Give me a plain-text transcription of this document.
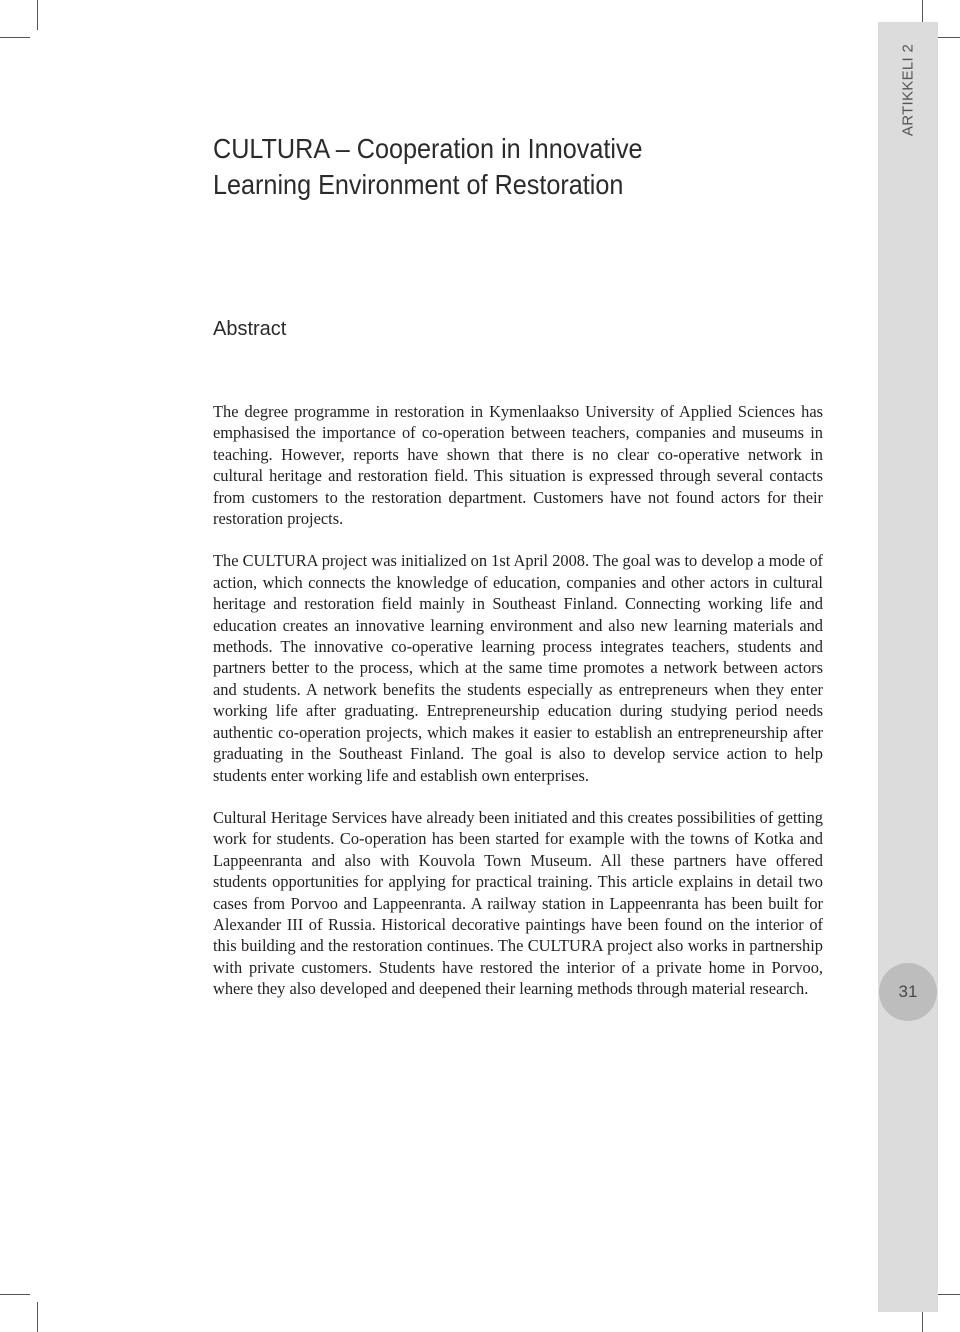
ARTIKKELI 2
31
CULTURA – Cooperation in Innovative
Learning Environment of Restoration
Abstract

The degree programme in restoration in Kymenlaakso University of Applied Sciences has emphasised the importance of co-operation between teachers, companies and museums in teaching. However, reports have shown that there is no clear co-operative network in cultural heritage and restoration field. This situation is expressed through several contacts from customers to the restoration department. Customers have not found actors for their restoration projects.

The CULTURA project was initialized on 1st April 2008. The goal was to develop a mode of action, which connects the knowledge of education, companies and other actors in cultural heritage and restoration field mainly in Southeast Finland. Connecting working life and education creates an innovative learning environment and also new learning materials and methods. The innovative co-operative learning process integrates teachers, students and partners better to the process, which at the same time promotes a network between actors and students. A network benefits the students especially as entrepreneurs when they enter working life after graduating. Entrepreneurship education during studying period needs authentic co-operation projects, which makes it easier to establish an entrepreneurship after graduating in the Southeast Finland. The goal is also to develop service action to help students enter working life and establish own enterprises.

Cultural Heritage Services have already been initiated and this creates possibilities of getting work for students. Co-operation has been started for example with the towns of Kotka and Lappeenranta and also with Kouvola Town Museum. All these partners have offered students opportunities for applying for practical training. This article explains in detail two cases from Porvoo and Lappeenranta. A railway station in Lappeenranta has been built for Alexander III of Russia. Historical decorative paintings have been found on the interior of this building and the restoration continues. The CULTURA project also works in partnership with private customers. Students have restored the interior of a private home in Porvoo, where they also developed and deepened their learning methods through material research.
